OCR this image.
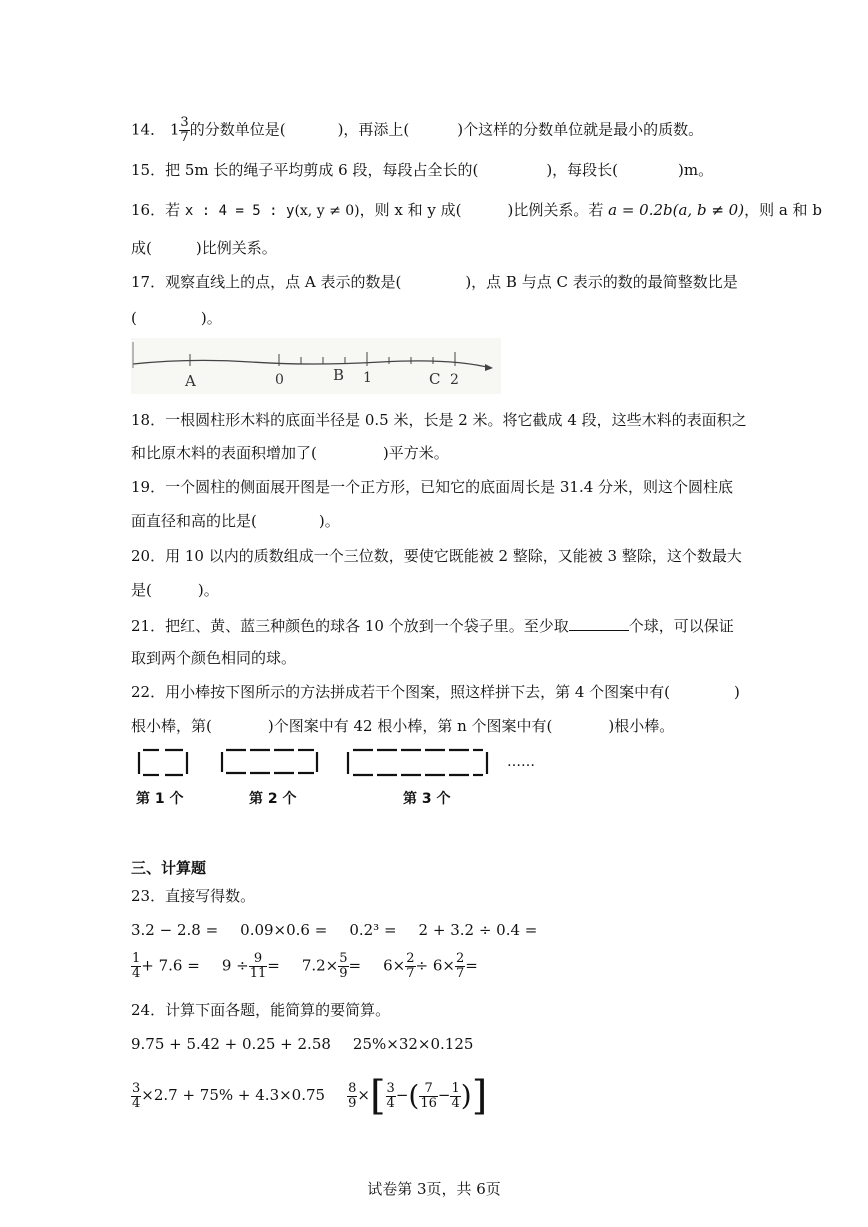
14． $1 \frac{3}{7}$ 的分数单位是(	)，再添上(	)个这样的分数单位就是最小的质数。
15．把 5m 长的绳子平均剪成 6 段，每段占全长的(	)，每段长(	)m。
16．若 x : 4 = 5 : y(x, y ≠ 0)，则 x 和 y 成(	)比例关系。若 a = 0.2b(a, b ≠ 0)，则 a 和 b
成(	)比例关系。
17．观察直线上的点，点 A 表示的数是(	)，点 B 与点 C 表示的数的最简整数比是
(	)。
A	0	B 1	C 2
18．一根圆柱形木料的底面半径是 0.5 米，长是 2 米。将它截成 4 段，这些木料的表面积之
和比原木料的表面积增加了(	)平方米。
19．一个圆柱的侧面展开图是一个正方形，已知它的底面周长是 31.4 分米，则这个圆柱底
面直径和高的比是(	)。
20．用 10 以内的质数组成一个三位数，要使它既能被 2 整除，又能被 3 整除，这个数最大
是(	)。
21．把红、黄、蓝三种颜色的球各 10 个放到一个袋子里。至少取	个球，可以保证
取到两个颜色相同的球。
22．用小棒按下图所示的方法拼成若干个图案，照这样拼下去，第 4 个图案中有(	)
根小棒，第(	)个图案中有 42 根小棒，第 n 个图案中有(	)根小棒。
……
第 1 个	第 2 个	第 3 个
三、计算题
23．直接写得数。
3.2 − 2.8 = 0.09×0.6 = 0.2³ = 2 + 3.2 ÷ 0.4 =
$\frac{1}{4} + 7.6 = 9 \div \frac{9}{11} = 7.2\times \frac{5}{9} = 6\times \frac{2}{7} \div 6\times \frac{2}{7}$ =
24．计算下面各题，能简算的要简算。
9.75 + 5.42 + 0.25 + 2.58 25%×32×0.125
$\frac{3}{4} \times 2.7 + 75\% + 4.3\times 0.75 \frac{8}{9}$ ×[ $\frac{3}{4}$ −( $\frac{7}{16} - \frac{1}{4}$ )]
试卷第 3页，共 6页
